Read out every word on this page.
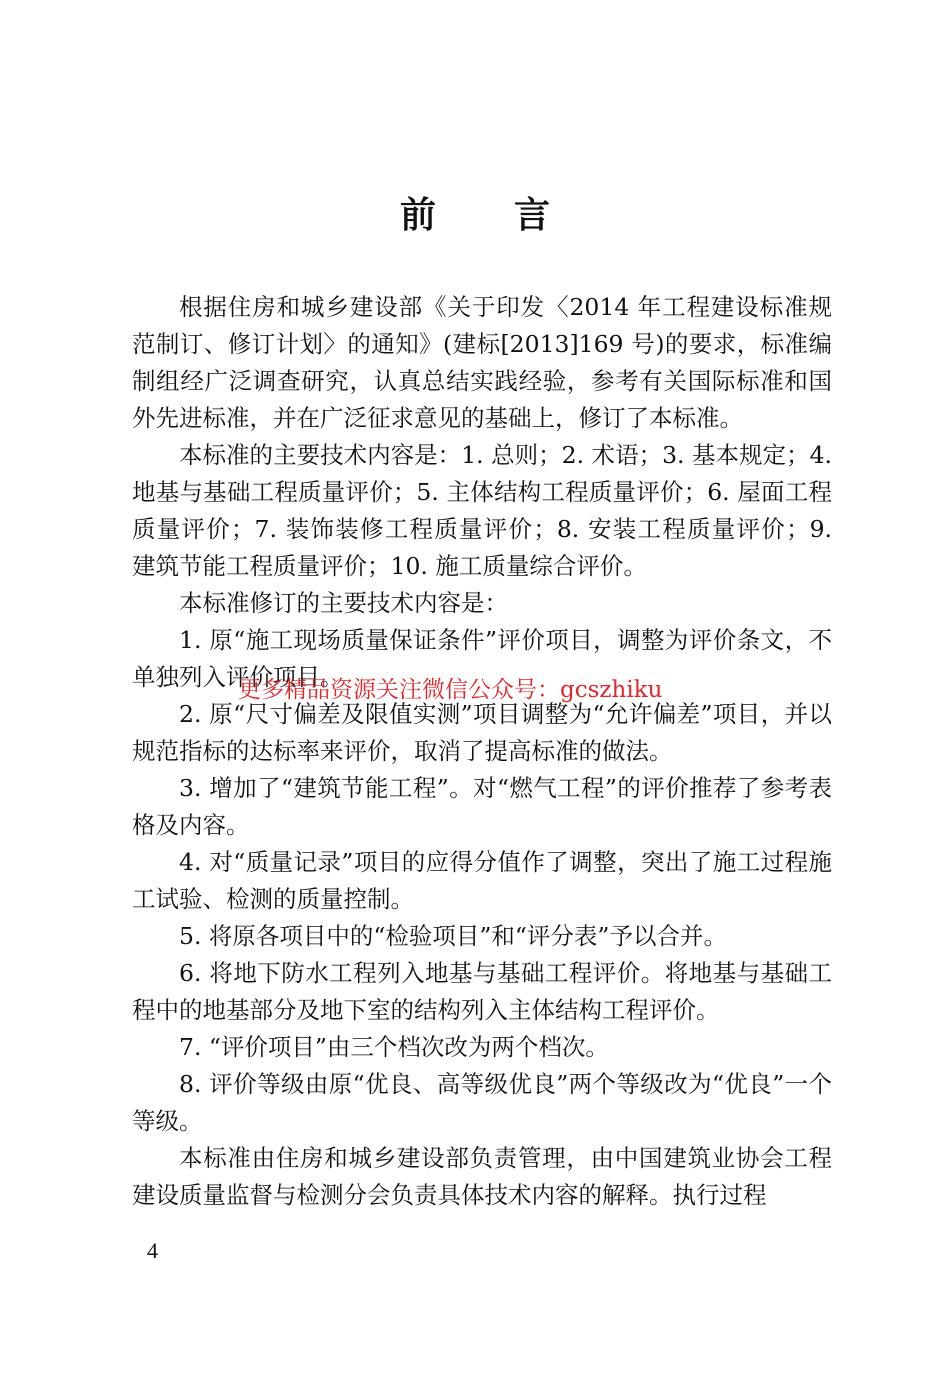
前言

根据住房和城乡建设部《关于印发〈2014 年工程建设标准规范制订、修订计划〉的通知》(建标[2013]169 号)的要求，标准编制组经广泛调查研究，认真总结实践经验，参考有关国际标准和国外先进标准，并在广泛征求意见的基础上，修订了本标准。

本标准的主要技术内容是：1. 总则；2. 术语；3. 基本规定；4. 地基与基础工程质量评价；5. 主体结构工程质量评价；6. 屋面工程质量评价；7. 装饰装修工程质量评价；8. 安装工程质量评价；9. 建筑节能工程质量评价；10. 施工质量综合评价。

本标准修订的主要技术内容是：

1. 原“施工现场质量保证条件”评价项目，调整为评价条文，不单独列入评价项目。

2. 原“尺寸偏差及限值实测”项目调整为“允许偏差”项目，并以规范指标的达标率来评价，取消了提高标准的做法。

3. 增加了“建筑节能工程”。对“燃气工程”的评价推荐了参考表格及内容。

4. 对“质量记录”项目的应得分值作了调整，突出了施工过程施工试验、检测的质量控制。

5. 将原各项目中的“检验项目”和“评分表”予以合并。

6. 将地下防水工程列入地基与基础工程评价。将地基与基础工程中的地基部分及地下室的结构列入主体结构工程评价。

7. “评价项目”由三个档次改为两个档次。

8. 评价等级由原“优良、高等级优良”两个等级改为“优良”一个等级。

本标准由住房和城乡建设部负责管理，由中国建筑业协会工程建设质量监督与检测分会负责具体技术内容的解释。执行过程

更多精品资源关注微信公众号：gcszhiku
4
